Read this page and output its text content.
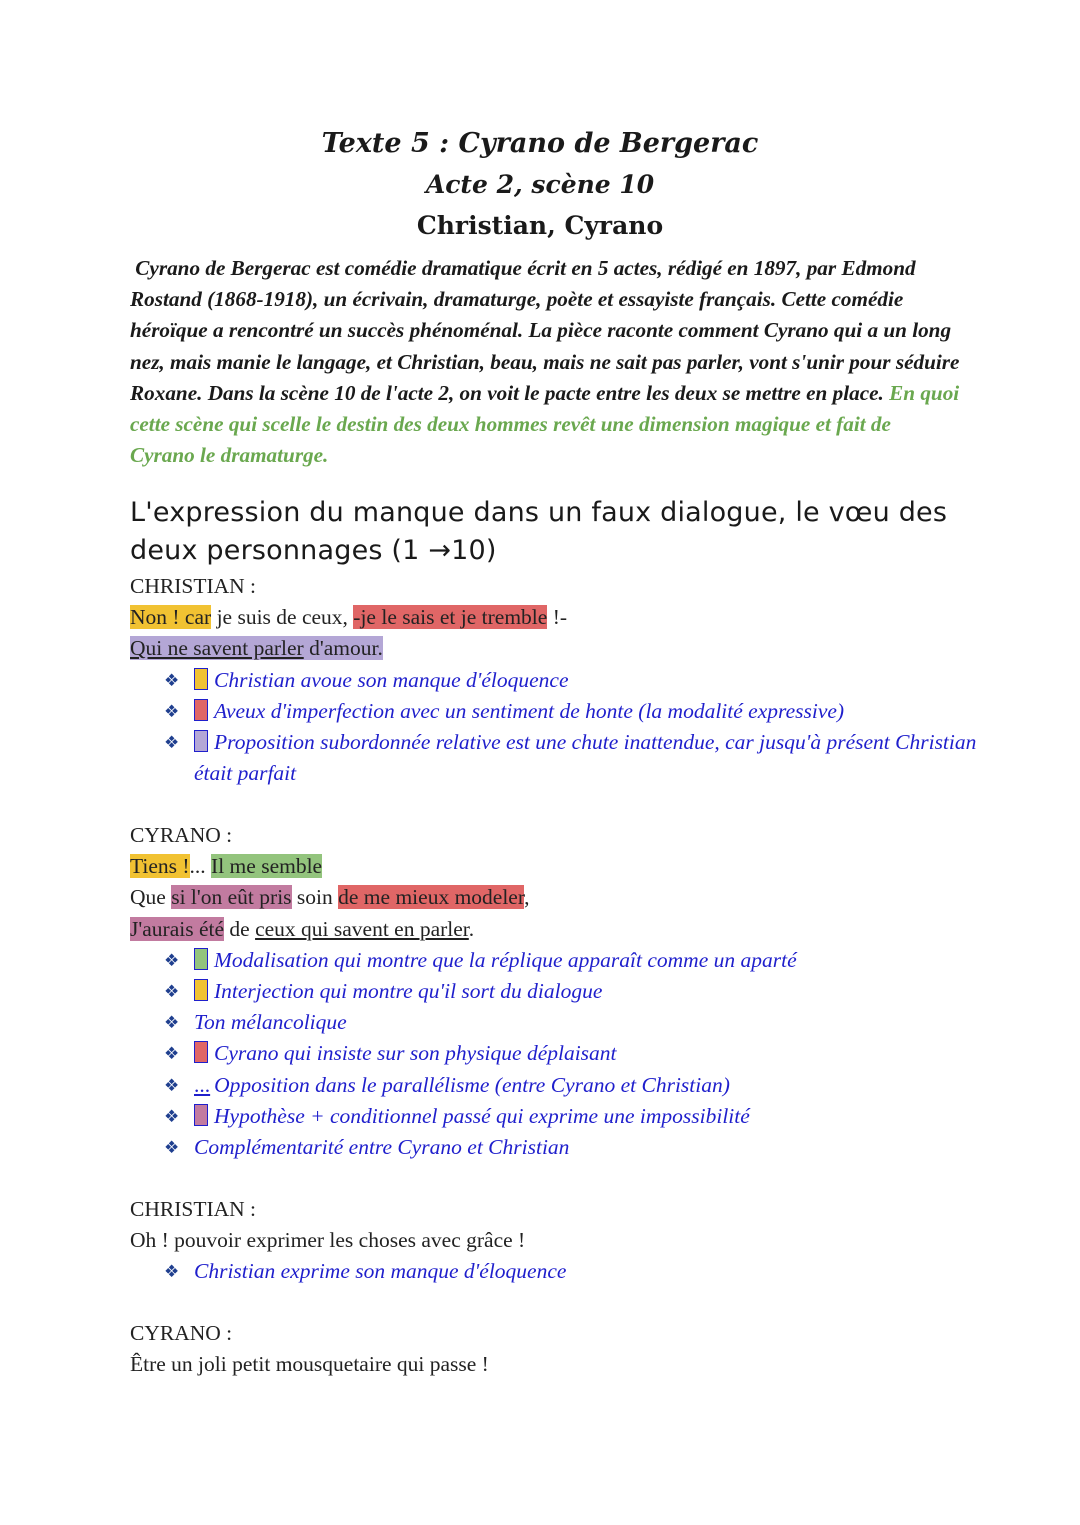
Texte 5 : Cyrano de Bergerac
Acte 2, scène 10
Christian, Cyrano
Cyrano de Bergerac est comédie dramatique écrit en 5 actes, rédigé en 1897, par Edmond Rostand (1868-1918), un écrivain, dramaturge, poète et essayiste français. Cette comédie héroïque a rencontré un succès phénoménal. La pièce raconte comment Cyrano qui a un long nez, mais manie le langage, et Christian, beau, mais ne sait pas parler, vont s'unir pour séduire Roxane. Dans la scène 10 de l'acte 2, on voit le pacte entre les deux se mettre en place. En quoi cette scène qui scelle le destin des deux hommes revêt une dimension magique et fait de Cyrano le dramaturge.
L'expression du manque dans un faux dialogue, le vœu des deux personnages (1 →10)
CHRISTIAN :
Non ! car je suis de ceux, -je le sais et je tremble !-
Qui ne savent parler d'amour.
❖ Christian avoue son manque d'éloquence
❖ Aveux d'imperfection avec un sentiment de honte (la modalité expressive)
❖ Proposition subordonnée relative est une chute inattendue, car jusqu'à présent Christian était parfait
CYRANO :
Tiens !... Il me semble
Que si l'on eût pris soin de me mieux modeler,
J'aurais été de ceux qui savent en parler.
❖ Modalisation qui montre que la réplique apparaît comme un aparté
❖ Interjection qui montre qu'il sort du dialogue
❖ Ton mélancolique
❖ Cyrano qui insiste sur son physique déplaisant
❖ ... Opposition dans le parallélisme (entre Cyrano et Christian)
❖ Hypothèse + conditionnel passé qui exprime une impossibilité
❖ Complémentarité entre Cyrano et Christian
CHRISTIAN :
Oh ! pouvoir exprimer les choses avec grâce !
❖ Christian exprime son manque d'éloquence
CYRANO :
Être un joli petit mousquetaire qui passe !
